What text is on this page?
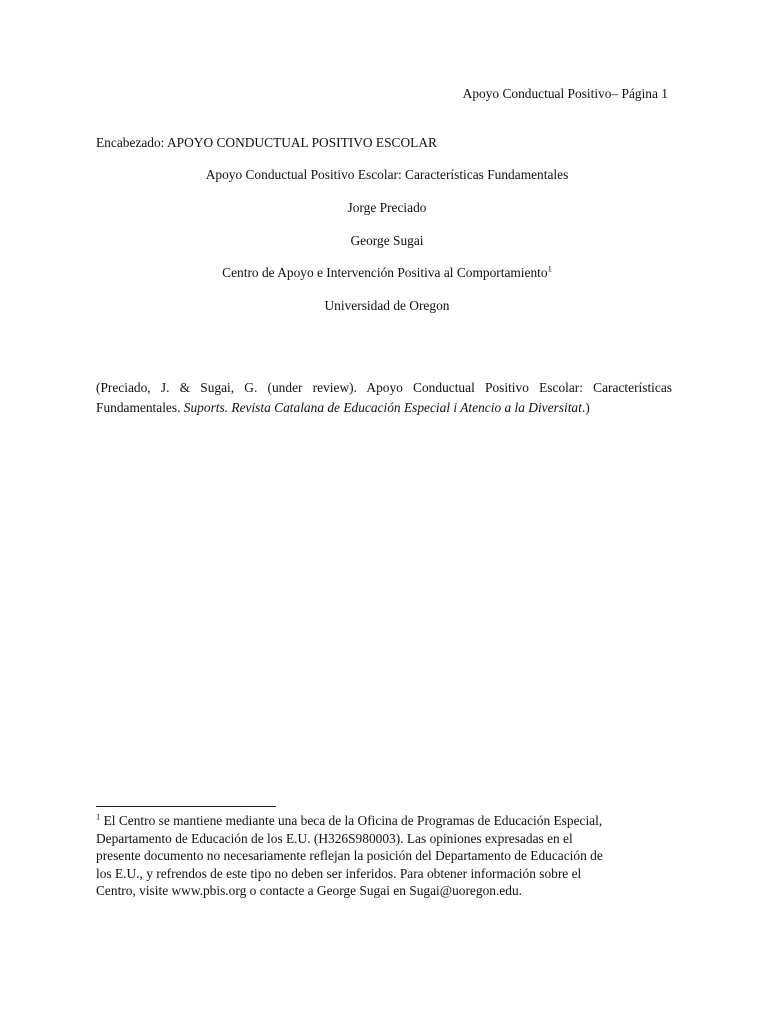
Apoyo Conductual Positivo– Página 1
Encabezado: APOYO CONDUCTUAL POSITIVO ESCOLAR
Apoyo Conductual Positivo Escolar: Características Fundamentales
Jorge Preciado
George Sugai
Centro de Apoyo e Intervención Positiva al Comportamiento$^1$
Universidad de Oregon
(Preciado, J. & Sugai, G. (under review). Apoyo Conductual Positivo Escolar: Características Fundamentales. Suports. Revista Catalana de Educación Especial i Atencio a la Diversitat.)
$^1$ El Centro se mantiene mediante una beca de la Oficina de Programas de Educación Especial,
Departamento de Educación de los E.U. (H326S980003). Las opiniones expresadas en el
presente documento no necesariamente reflejan la posición del Departamento de Educación de
los E.U., y refrendos de este tipo no deben ser inferidos. Para obtener información sobre el
Centro, visite www.pbis.org o contacte a George Sugai en Sugai@uoregon.edu.
